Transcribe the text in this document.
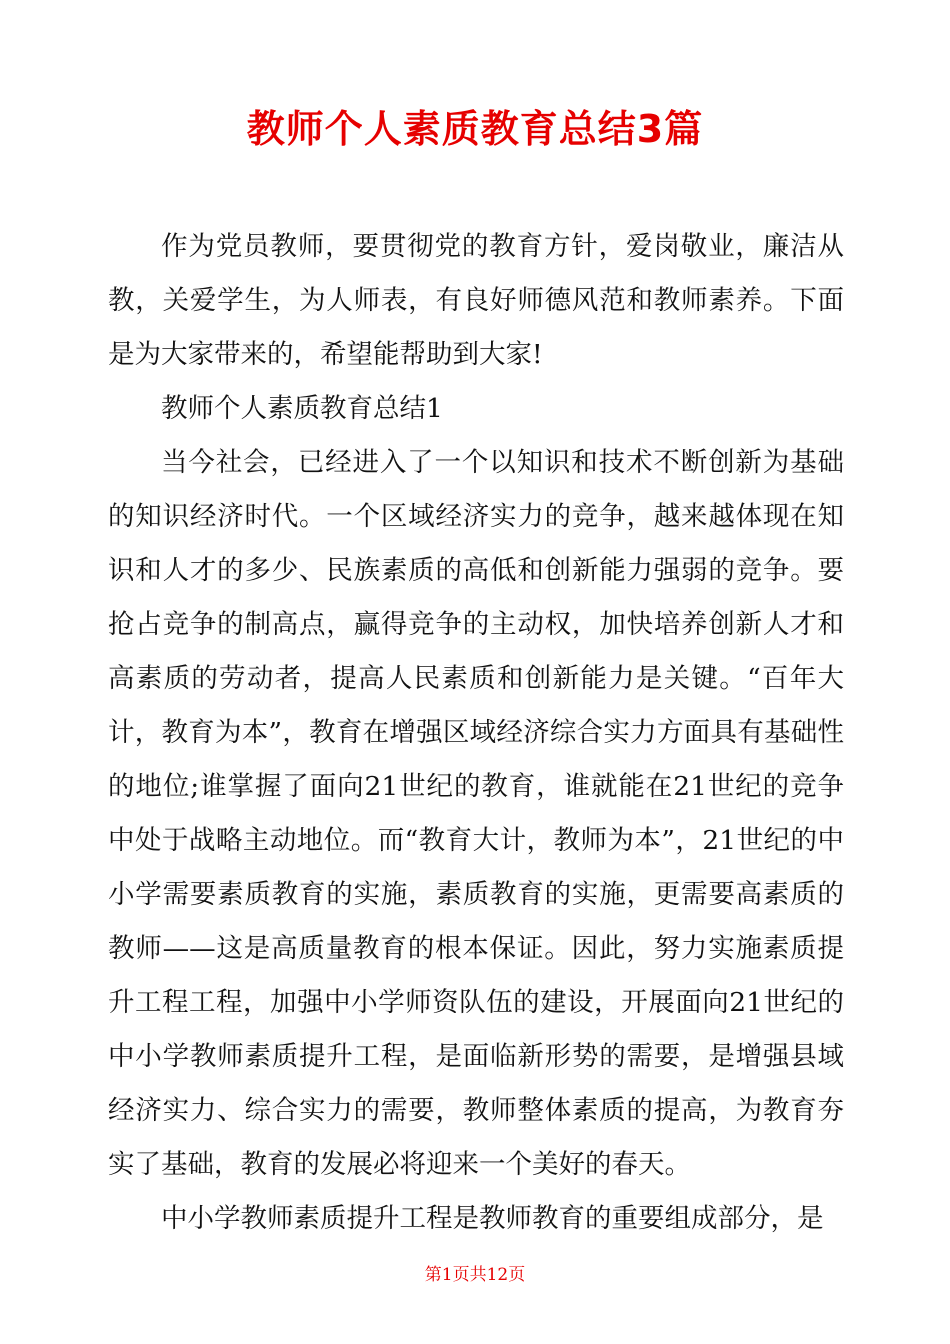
教师个人素质教育总结3篇

作为党员教师，要贯彻党的教育方针，爱岗敬业，廉洁从教，关爱学生，为人师表，有良好师德风范和教师素养。下面是为大家带来的，希望能帮助到大家!

教师个人素质教育总结1

当今社会，已经进入了一个以知识和技术不断创新为基础的知识经济时代。一个区域经济实力的竞争，越来越体现在知识和人才的多少、民族素质的高低和创新能力强弱的竞争。要抢占竞争的制高点，赢得竞争的主动权，加快培养创新人才和高素质的劳动者，提高人民素质和创新能力是关键。“百年大计，教育为本”，教育在增强区域经济综合实力方面具有基础性的地位;谁掌握了面向21世纪的教育，谁就能在21世纪的竞争中处于战略主动地位。而“教育大计，教师为本”，21世纪的中小学需要素质教育的实施，素质教育的实施，更需要高素质的教师——这是高质量教育的根本保证。因此，努力实施素质提升工程工程，加强中小学师资队伍的建设，开展面向21世纪的中小学教师素质提升工程，是面临新形势的需要，是增强县域经济实力、综合实力的需要，教师整体素质的提高，为教育夯实了基础，教育的发展必将迎来一个美好的春天。

中小学教师素质提升工程是教师教育的重要组成部分，是

第1页共12页
